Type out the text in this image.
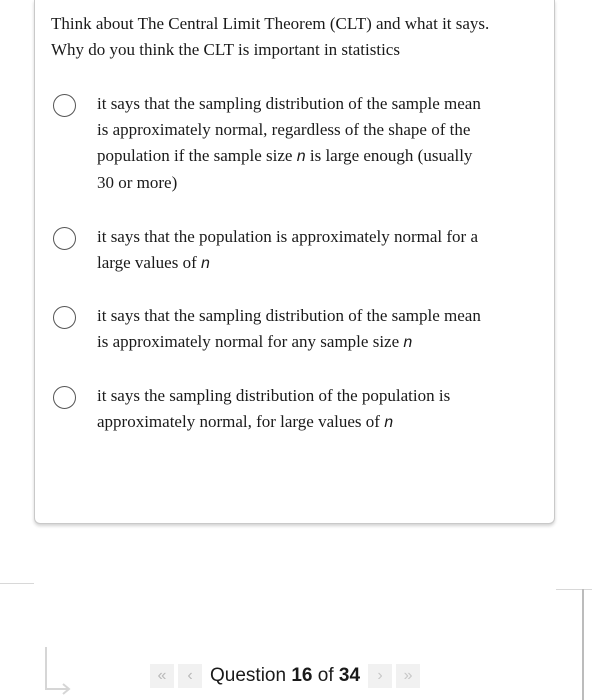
Think about The Central Limit Theorem (CLT) and what it says.
Why do you think the CLT is important in statistics
it says that the sampling distribution of the sample mean
is approximately normal, regardless of the shape of the
population if the sample size n is large enough (usually
30 or more)
it says that the population is approximately normal for a
large values of n
it says that the sampling distribution of the sample mean
is approximately normal for any sample size n
it says the sampling distribution of the population is
approximately normal, for large values of n
«	‹ Question 16 of 34	›	»
